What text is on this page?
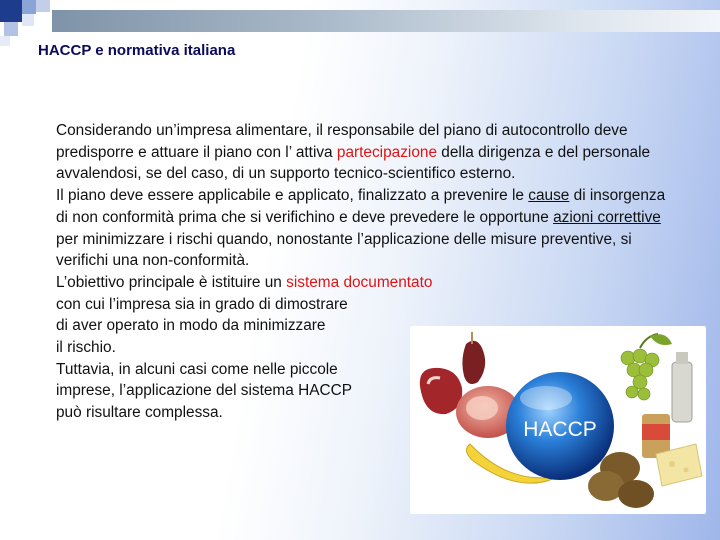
HACCP e normativa italiana

Considerando un’impresa alimentare, il responsabile del piano di autocontrollo deve predisporre e attuare il piano con l’ attiva partecipazione della dirigenza e del personale avvalendosi, se del caso, di un supporto tecnico-scientifico esterno.
Il piano deve essere applicabile e applicato, finalizzato a prevenire le cause di insorgenza di non conformità prima che si verifichino e deve prevedere le opportune azioni correttive per minimizzare i rischi quando, nonostante l’applicazione delle misure preventive, si verifichi una non-conformità.
L’obiettivo principale è istituire un sistema documentato
con cui l’impresa sia in grado di dimostrare
di aver operato in modo da minimizzare
il rischio.
Tuttavia, in alcuni casi come nelle piccole
imprese, l’applicazione del sistema HACCP
può risultare complessa.

HACCP
